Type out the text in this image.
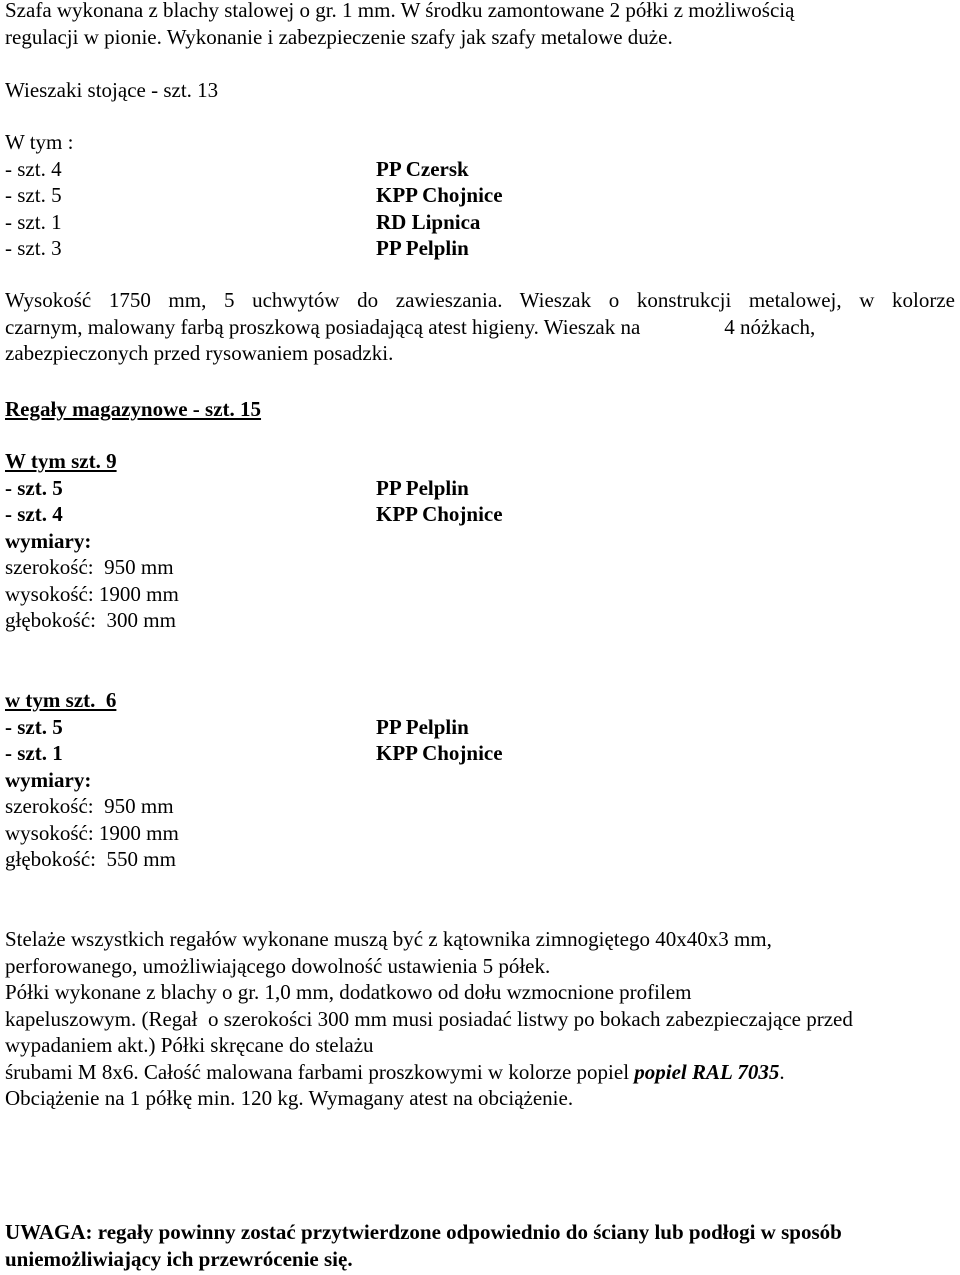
Szafa wykonana z blachy stalowej o gr. 1 mm. W środku zamontowane 2 półki z możliwością
regulacji w pionie. Wykonanie i zabezpieczenie szafy jak szafy metalowe duże.
Wieszaki stojące - szt. 13
W tym :
- szt. 4	PP Czersk
- szt. 5	KPP Chojnice
- szt. 1	RD Lipnica
- szt. 3	PP Pelplin
Wysokość 1750 mm, 5 uchwytów do zawieszania. Wieszak o konstrukcji metalowej, w kolorze
czarnym, malowany farbą proszkową posiadającą atest higieny. Wieszak na                4 nóżkach,
zabezpieczonych przed rysowaniem posadzki.
Regały magazynowe - szt. 15
W tym szt. 9
- szt. 5	PP Pelplin
- szt. 4	KPP Chojnice
wymiary:
szerokość:  950 mm
wysokość: 1900 mm
głębokość:  300 mm
w tym szt.  6
- szt. 5	PP Pelplin
- szt. 1	KPP Chojnice
wymiary:
szerokość:  950 mm
wysokość: 1900 mm
głębokość:  550 mm
Stelaże wszystkich regałów wykonane muszą być z kątownika zimnogiętego 40x40x3 mm,
perforowanego, umożliwiającego dowolność ustawienia 5 półek.
Półki wykonane z blachy o gr. 1,0 mm, dodatkowo od dołu wzmocnione profilem
kapeluszowym. (Regał  o szerokości 300 mm musi posiadać listwy po bokach zabezpieczające przed
wypadaniem akt.) Półki skręcane do stelażu
śrubami M 8x6. Całość malowana farbami proszkowymi w kolorze popiel popiel RAL 7035.
Obciążenie na 1 półkę min. 120 kg. Wymagany atest na obciążenie.
UWAGA: regały powinny zostać przytwierdzone odpowiednio do ściany lub podłogi w sposób
uniemożliwiający ich przewrócenie się.
